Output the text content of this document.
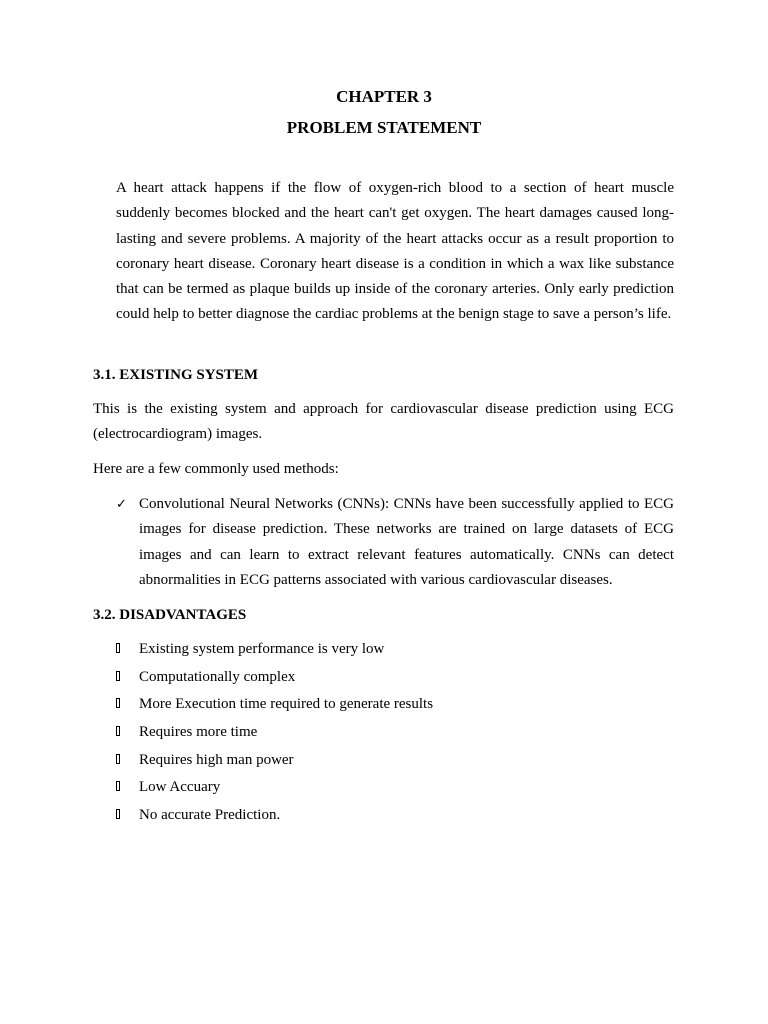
CHAPTER 3
PROBLEM STATEMENT

A heart attack happens if the flow of oxygen-rich blood to a section of heart muscle suddenly becomes blocked and the heart can't get oxygen. The heart damages caused long-lasting and severe problems. A majority of the heart attacks occur as a result proportion to coronary heart disease. Coronary heart disease is a condition in which a wax like substance that can be termed as plaque builds up inside of the coronary arteries. Only early prediction could help to better diagnose the cardiac problems at the benign stage to save a person’s life.

3.1. EXISTING SYSTEM

This is the existing system and approach for cardiovascular disease prediction using ECG (electrocardiogram) images.

Here are a few commonly used methods:

✓ Convolutional Neural Networks (CNNs): CNNs have been successfully applied to ECG images for disease prediction. These networks are trained on large datasets of ECG images and can learn to extract relevant features automatically. CNNs can detect abnormalities in ECG patterns associated with various cardiovascular diseases.

3.2. DISADVANTAGES
Existing system performance is very low
Computationally complex
More Execution time required to generate results
Requires more time
Requires high man power
Low Accuary
No accurate Prediction.
